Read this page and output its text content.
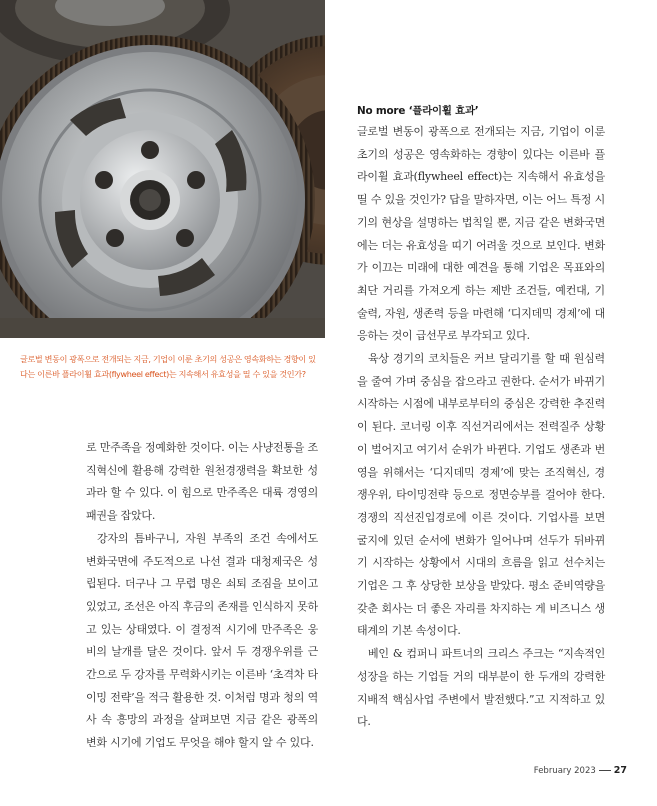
글로벌 변동이 광폭으로 전개되는 지금, 기업이 이룬 초기의 성공은 영속화하는 경향이 있다는 이른바 플라이휠 효과(flywheel effect)는 지속해서 유효성을 띨 수 있을 것인가?

로 만주족을 정예화한 것이다. 이는 사냥전통을 조직혁신에 활용해 강력한 원천경쟁력을 확보한 성과라 할 수 있다. 이 힘으로 만주족은 대륙 경영의 패권을 잡았다.

강자의 틈바구니, 자원 부족의 조건 속에서도 변화국면에 주도적으로 나선 결과 대청제국은 성립된다. 더구나 그 무렵 명은 쇠퇴 조짐을 보이고 있었고, 조선은 아직 후금의 존재를 인식하지 못하고 있는 상태였다. 이 결정적 시기에 만주족은 웅비의 날개를 달은 것이다. 앞서 두 경쟁우위를 근간으로 두 강자를 무력화시키는 이른바 ‘초격차 타이밍 전략’을 적극 활용한 것. 이처럼 명과 청의 역사 속 흥망의 과정을 살펴보면 지금 같은 광폭의 변화 시기에 기업도 무엇을 해야 할지 알 수 있다.

No more ‘플라이휠 효과’

글로벌 변동이 광폭으로 전개되는 지금, 기업이 이룬 초기의 성공은 영속화하는 경향이 있다는 이른바 플라이휠 효과(flywheel effect)는 지속해서 유효성을 띨 수 있을 것인가? 답을 말하자면, 이는 어느 특정 시기의 현상을 설명하는 법칙일 뿐, 지금 같은 변화국면에는 더는 유효성을 띠기 어려울 것으로 보인다. 변화가 이끄는 미래에 대한 예견을 통해 기업은 목표와의 최단 거리를 가져오게 하는 제반 조건들, 예컨대, 기술력, 자원, 생존력 등을 마련해 ‘디지데믹 경제’에 대응하는 것이 급선무로 부각되고 있다.

육상 경기의 코치들은 커브 달리기를 할 때 원심력을 줄여 가며 중심을 잡으라고 권한다. 순서가 바뀌기 시작하는 시점에 내부로부터의 중심은 강력한 추진력이 된다. 코너링 이후 직선거리에서는 전력질주 상황이 벌어지고 여기서 순위가 바뀐다. 기업도 생존과 번영을 위해서는 ‘디지데믹 경제’에 맞는 조직혁신, 경쟁우위, 타이밍전략 등으로 정면승부를 걸어야 한다. 경쟁의 직선진입경로에 이른 것이다. 기업사를 보면 굴지에 있던 순서에 변화가 일어나며 선두가 뒤바뀌기 시작하는 상황에서 시대의 흐름을 읽고 선수치는 기업은 그 후 상당한 보상을 받았다. 평소 준비역량을 갖춘 회사는 더 좋은 자리를 차지하는 게 비즈니스 생태계의 기본 속성이다.

베인 & 컴퍼니 파트너의 크리스 주크는 “지속적인 성장을 하는 기업들 거의 대부분이 한 두개의 강력한 지배적 핵심사업 주변에서 발전했다.”고 지적하고 있다.

February 2023 27
